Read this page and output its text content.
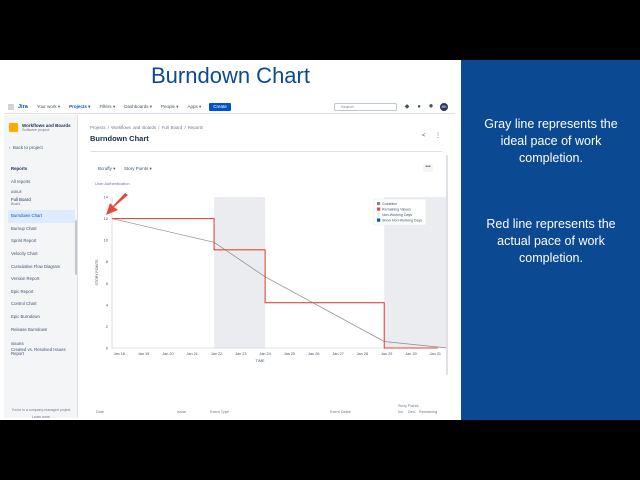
Burndown Chart
Jira Your work ▾ Projects ▾ Filters ▾ Dashboards ▾ People ▾ Apps ▾	Create	Search	◆ ● ✹	BH
Workflows and Boards
Software project
‹  Back to project
Reports
All reports
AGILE
Full Board
Board
Burndown Chart
Burnup Chart
Sprint Report
Velocity Chart
Cumulative Flow Diagram
Version Report
Epic Report
Control Chart
Epic Burndown
Release Burndown
ISSUES
Created vs. Resolved Issues Report
You're in a company-managed project
Learn more
Projects / Workflows and Boards / Full Board / Reports
Burndown Chart	< ⋮
Bcruffy ▾ Story Points ▾	•••
User Authentication
0
2
4
6
8
10
12
14
Jan 18	Jan 19	Jan 20	Jan 21	Jan 22	Jan 23	Jan 24	Jan 25	Jan 26	Jan 27	Jan 28	Jan 29	Jan 30	Jan 31
TIME
STORY POINTS
Guideline
Remaining Values
Non-Working Days
Show Non-Working Days
Date	Issue	Event Type	Event Detail
Story Points
Inc. Dec. Remaining
Gray line represents the ideal pace of work completion.
Red line represents the actual pace of work completion.
